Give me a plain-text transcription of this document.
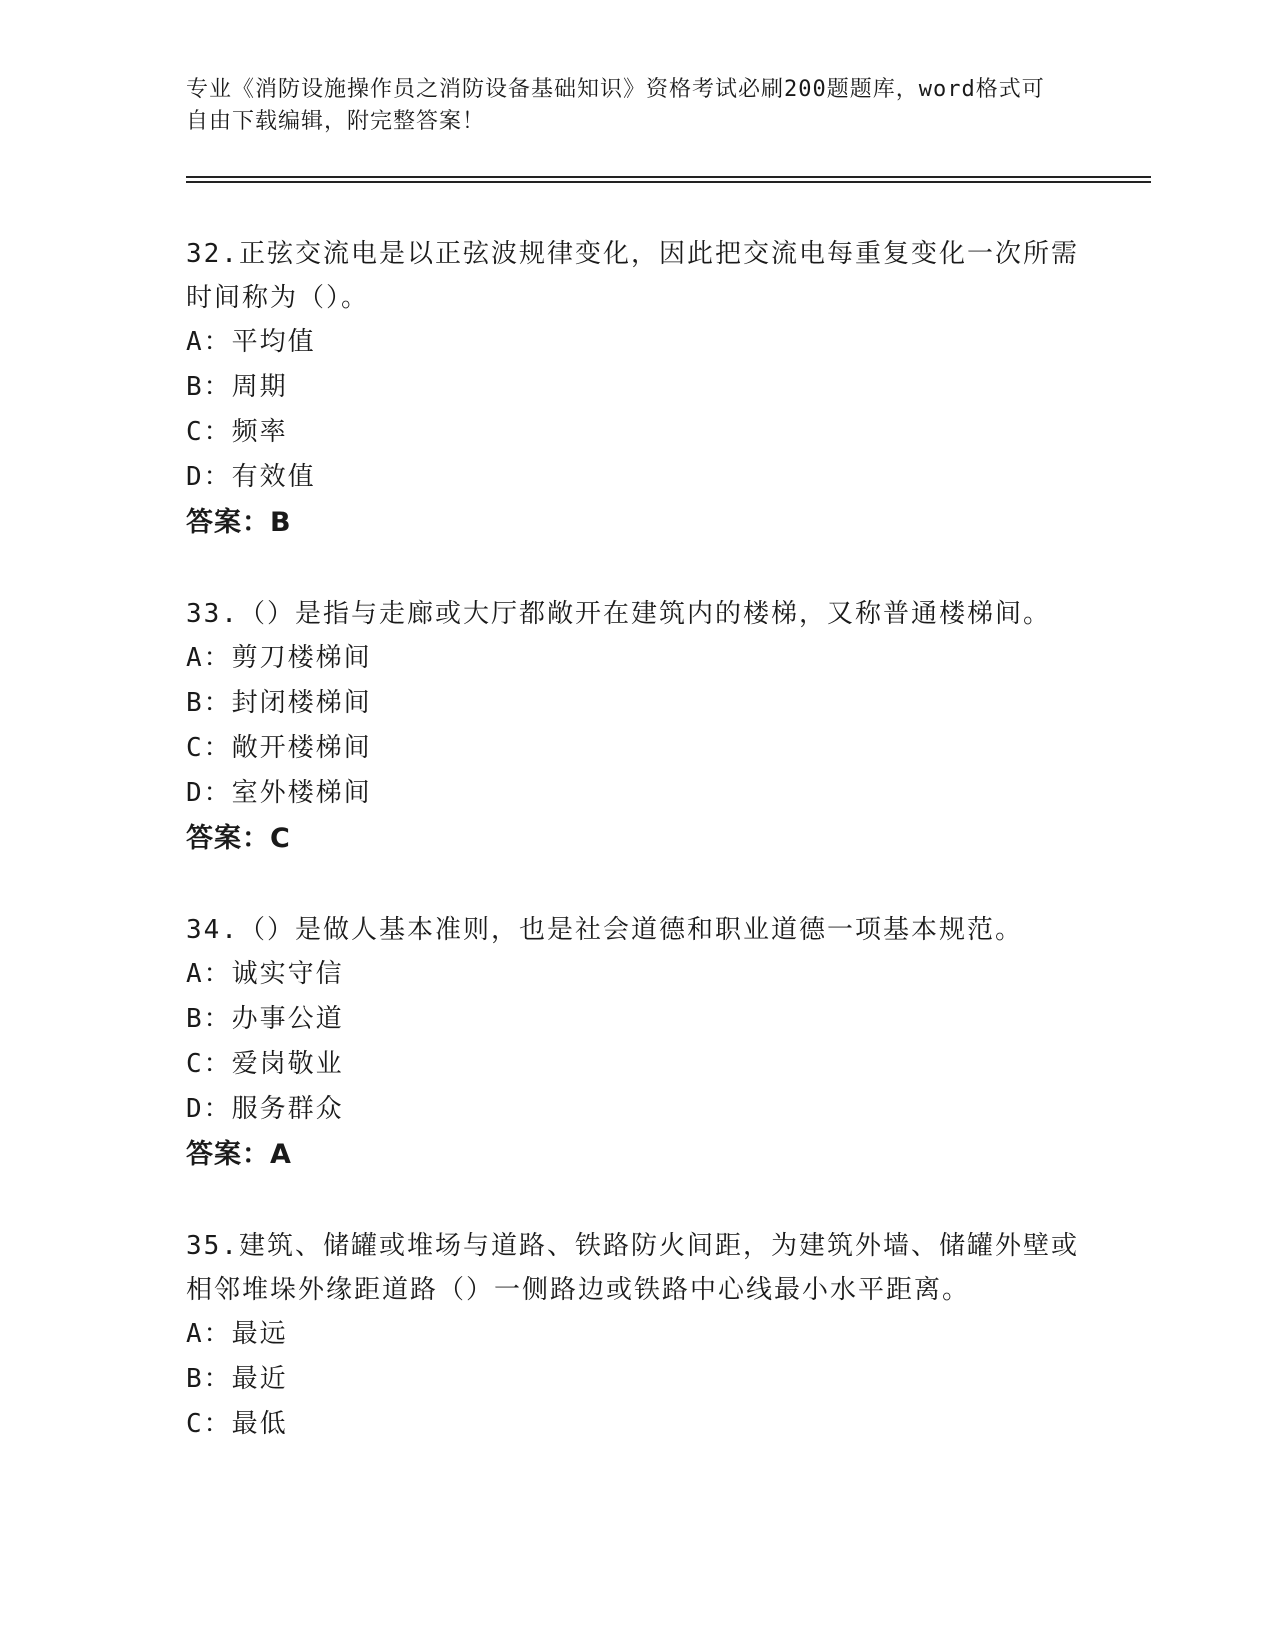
专业《消防设施操作员之消防设备基础知识》资格考试必刷200题题库，word格式可自由下载编辑，附完整答案！
32.正弦交流电是以正弦波规律变化，因此把交流电每重复变化一次所需时间称为（）。
A：平均值
B：周期
C：频率
D：有效值
答案：B
33.（）是指与走廊或大厅都敞开在建筑内的楼梯，又称普通楼梯间。
A：剪刀楼梯间
B：封闭楼梯间
C：敞开楼梯间
D：室外楼梯间
答案：C
34.（）是做人基本准则，也是社会道德和职业道德一项基本规范。
A：诚实守信
B：办事公道
C：爱岗敬业
D：服务群众
答案：A
35.建筑、储罐或堆场与道路、铁路防火间距，为建筑外墙、储罐外壁或相邻堆垛外缘距道路（）一侧路边或铁路中心线最小水平距离。
A：最远
B：最近
C：最低
